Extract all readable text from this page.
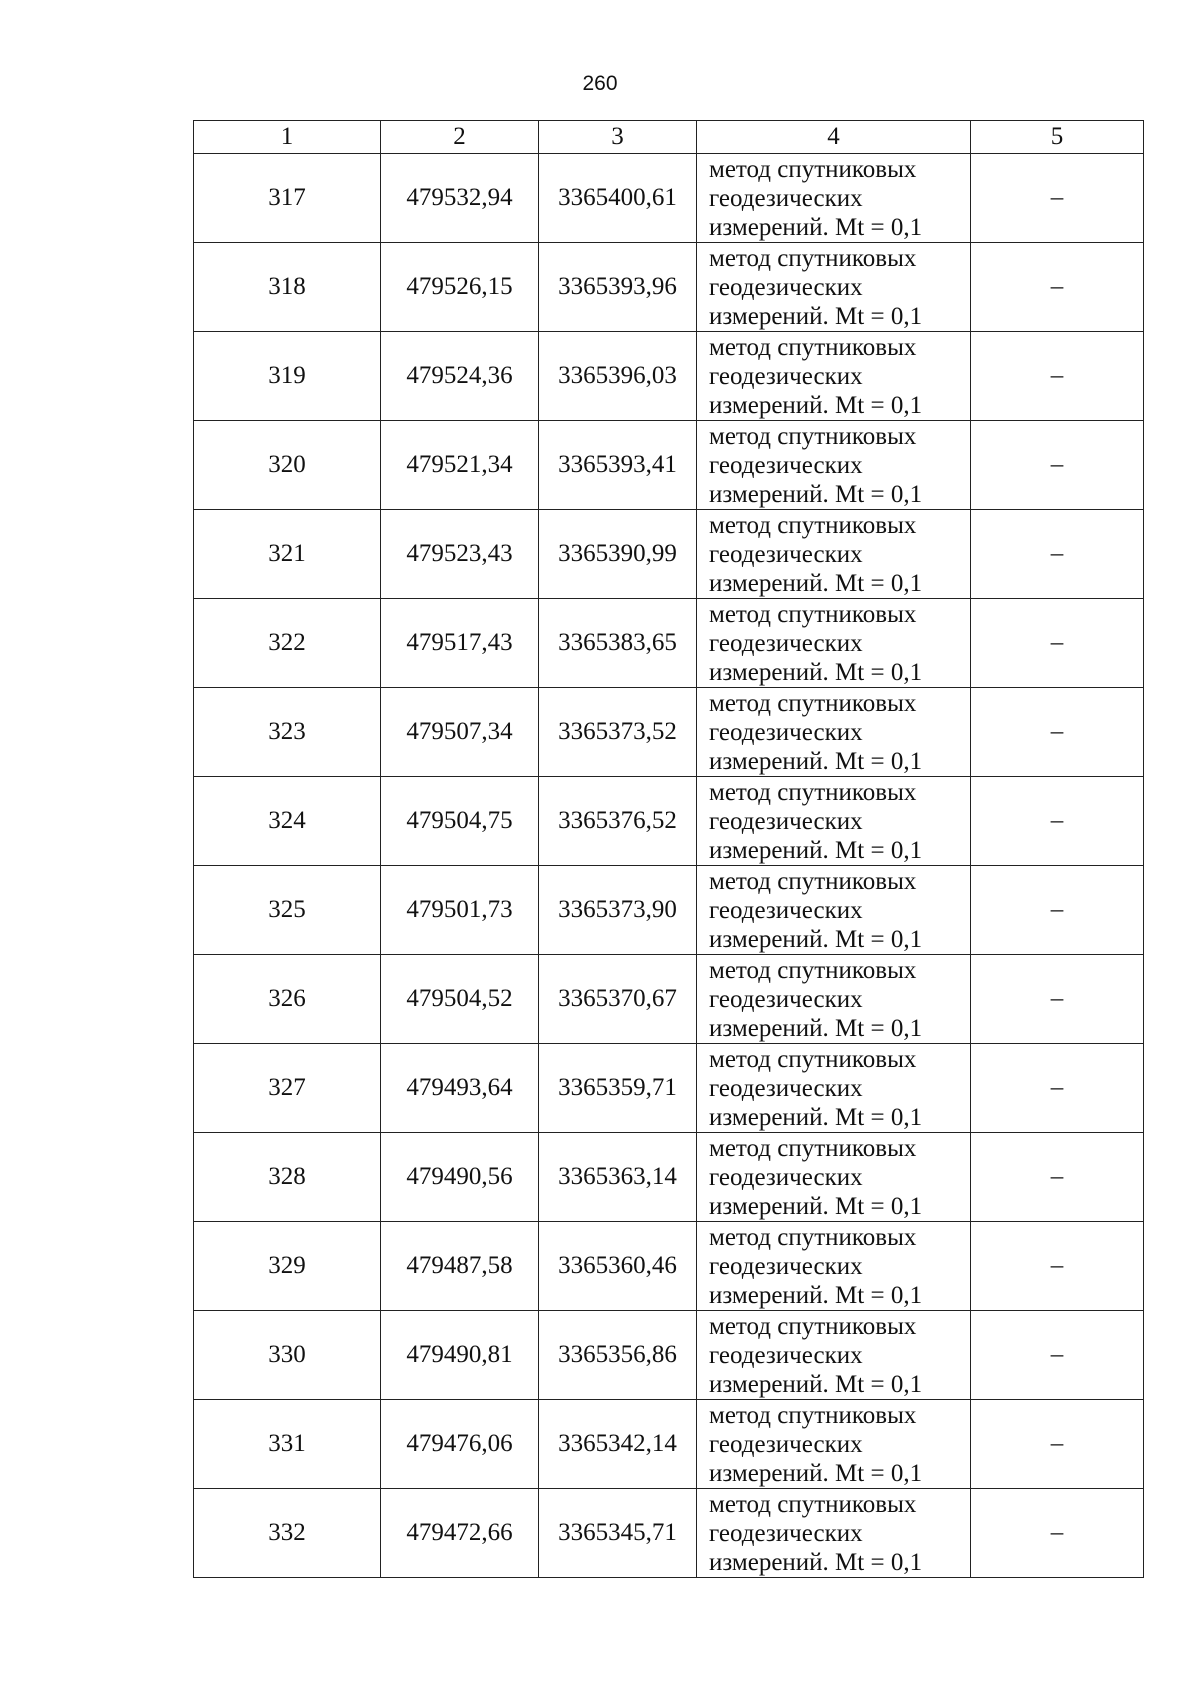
260
1	2	3	4	5
317	479532,94	3365400,61	метод спутниковых
геодезических
измерений. Mt = 0,1	–
318	479526,15	3365393,96	метод спутниковых
геодезических
измерений. Mt = 0,1	–
319	479524,36	3365396,03	метод спутниковых
геодезических
измерений. Mt = 0,1	–
320	479521,34	3365393,41	метод спутниковых
геодезических
измерений. Mt = 0,1	–
321	479523,43	3365390,99	метод спутниковых
геодезических
измерений. Mt = 0,1	–
322	479517,43	3365383,65	метод спутниковых
геодезических
измерений. Mt = 0,1	–
323	479507,34	3365373,52	метод спутниковых
геодезических
измерений. Mt = 0,1	–
324	479504,75	3365376,52	метод спутниковых
геодезических
измерений. Mt = 0,1	–
325	479501,73	3365373,90	метод спутниковых
геодезических
измерений. Mt = 0,1	–
326	479504,52	3365370,67	метод спутниковых
геодезических
измерений. Mt = 0,1	–
327	479493,64	3365359,71	метод спутниковых
геодезических
измерений. Mt = 0,1	–
328	479490,56	3365363,14	метод спутниковых
геодезических
измерений. Mt = 0,1	–
329	479487,58	3365360,46	метод спутниковых
геодезических
измерений. Mt = 0,1	–
330	479490,81	3365356,86	метод спутниковых
геодезических
измерений. Mt = 0,1	–
331	479476,06	3365342,14	метод спутниковых
геодезических
измерений. Mt = 0,1	–
332	479472,66	3365345,71	метод спутниковых
геодезических
измерений. Mt = 0,1	–
